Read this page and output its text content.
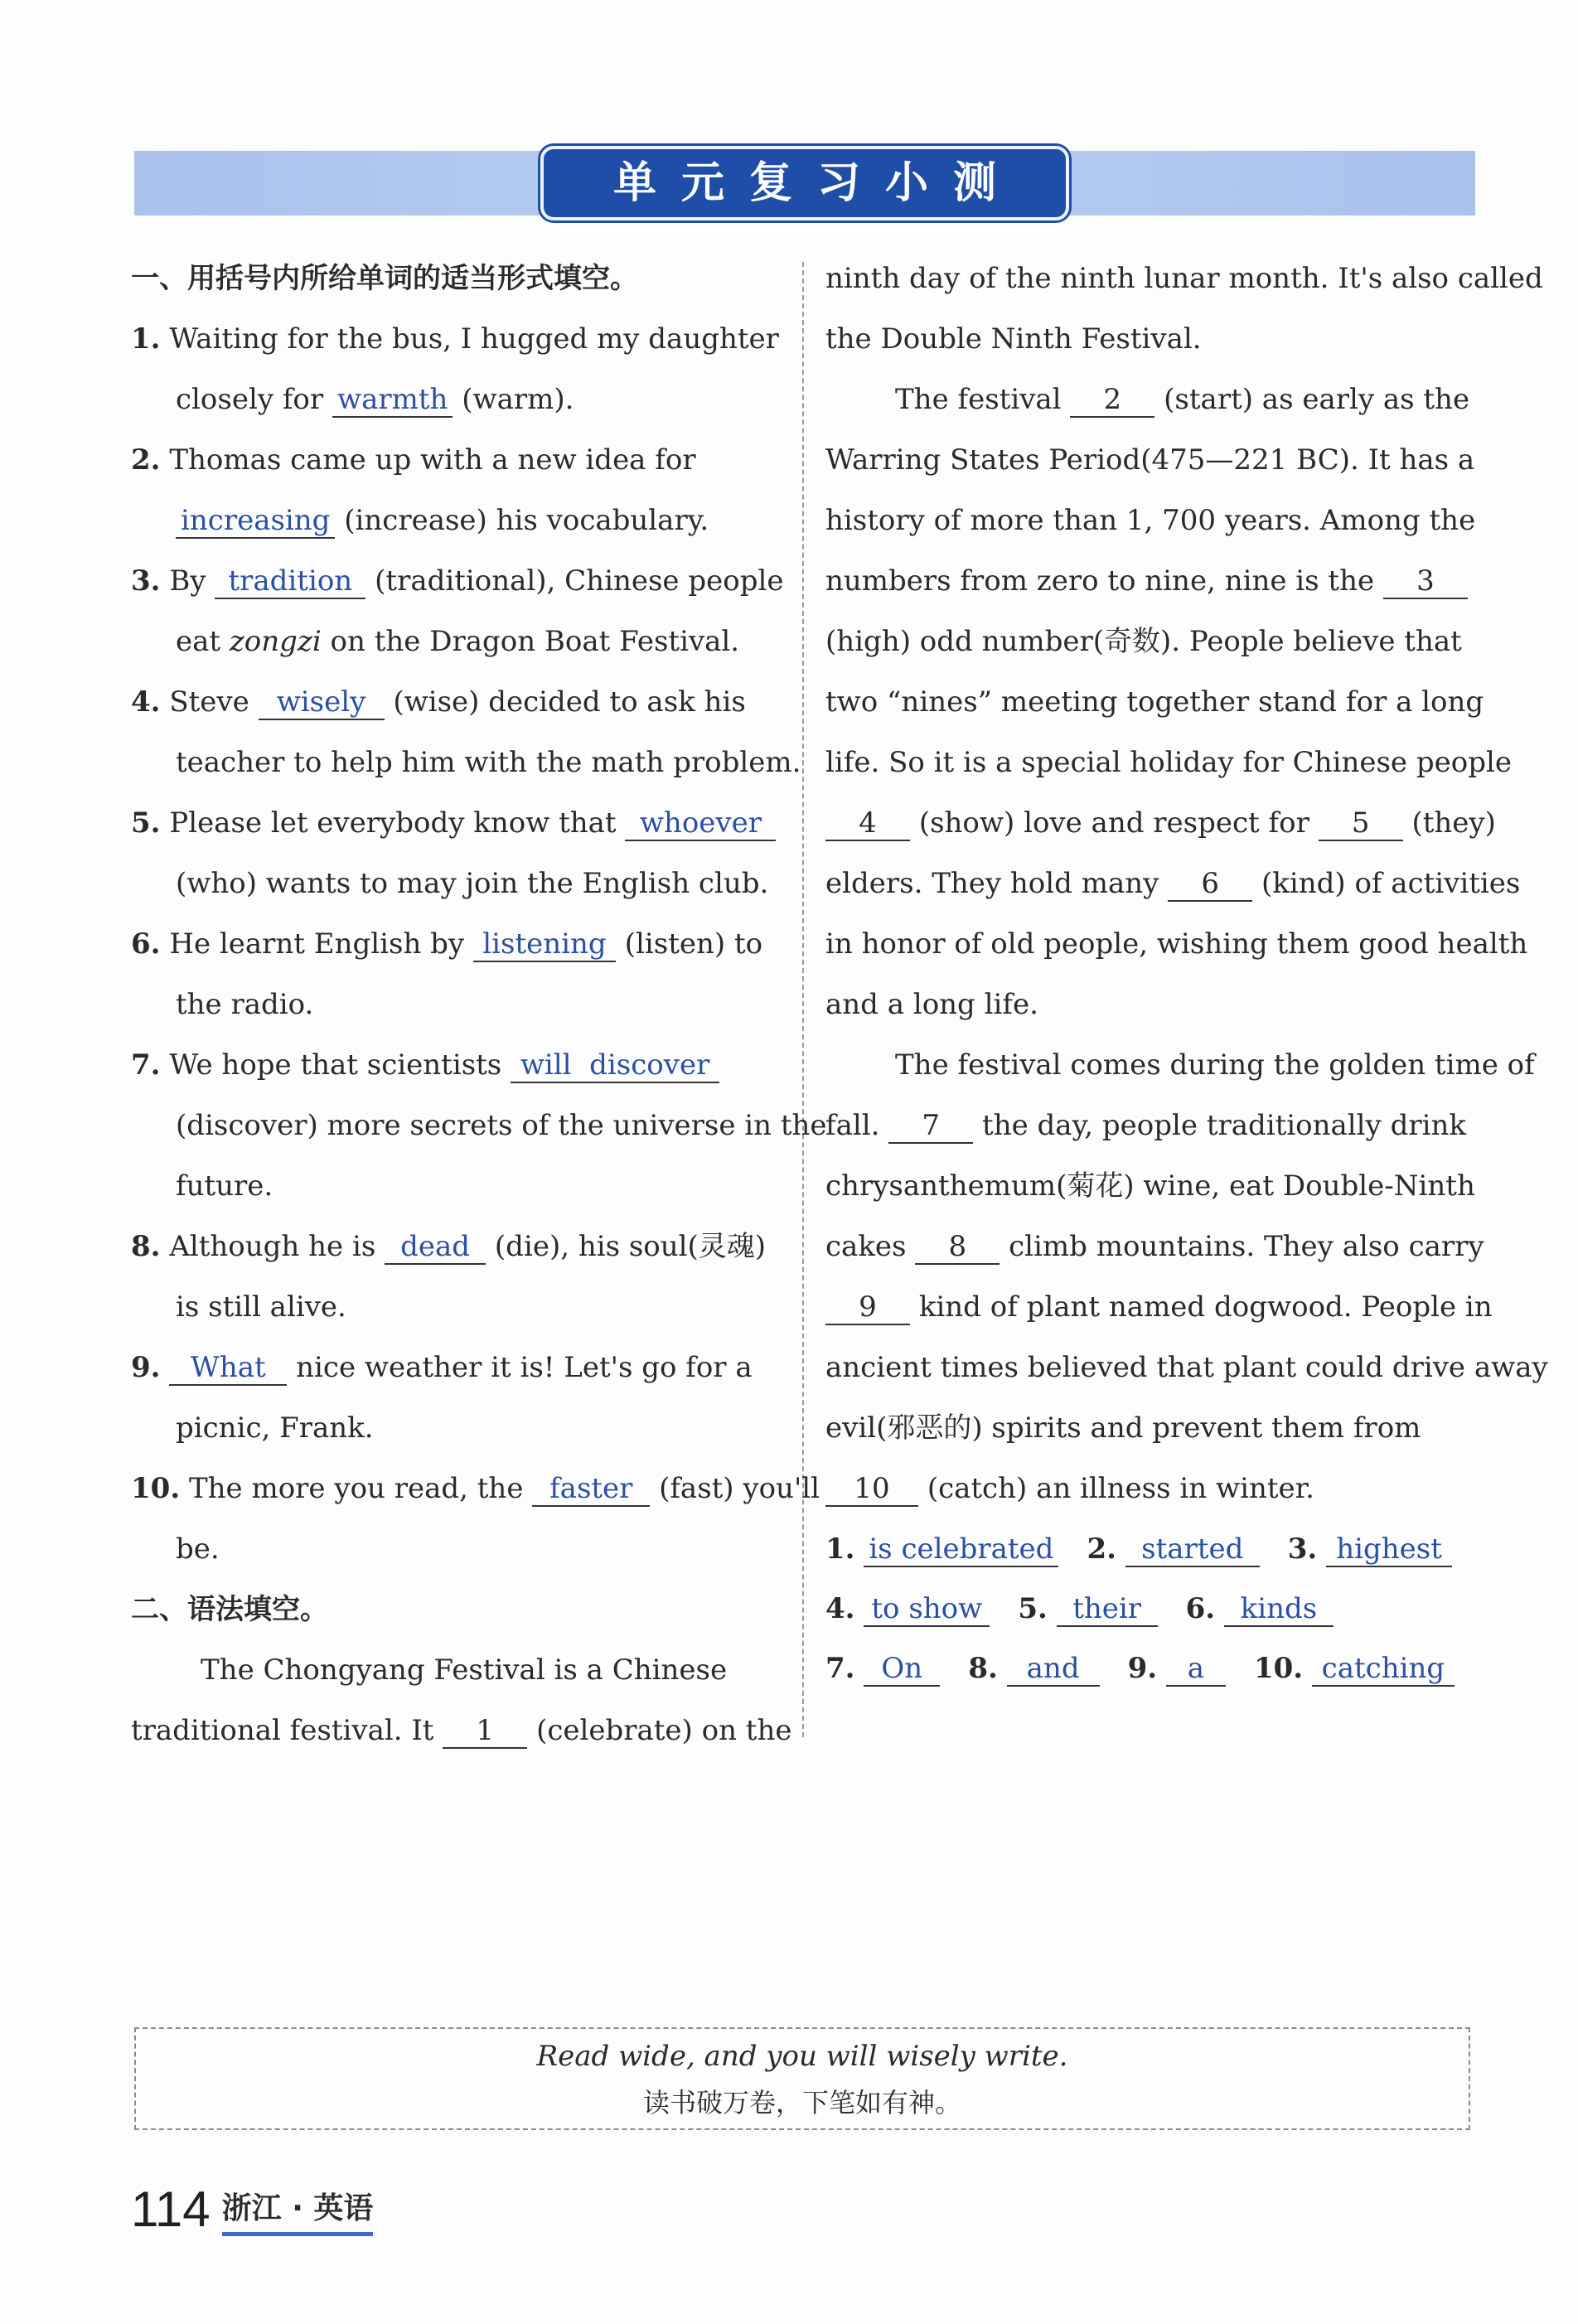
单元复习小测
一、用括号内所给单词的适当形式填空。
1. Waiting for the bus, I hugged my daughter
closely for warmth (warm).
2. Thomas came up with a new idea for
increasing (increase) his vocabulary.
3. By tradition (traditional), Chinese people
eat zongzi on the Dragon Boat Festival.
4. Steve wisely (wise) decided to ask his
teacher to help him with the math problem.
5. Please let everybody know that whoever
(who) wants to may join the English club.
6. He learnt English by listening (listen) to
the radio.
7. We hope that scientists will  discover
(discover) more secrets of the universe in the
future.
8. Although he is dead (die), his soul(灵魂)
is still alive.
9. What nice weather it is! Let's go for a
picnic, Frank.
10. The more you read, the faster (fast) you'll
be.
二、语法填空。
The Chongyang Festival is a Chinese
traditional festival. It 1 (celebrate) on the
ninth day of the ninth lunar month. It's also called
the Double Ninth Festival.
The festival 2 (start) as early as the
Warring States Period(475—221 BC). It has a
history of more than 1, 700 years. Among the
numbers from zero to nine, nine is the 3
(high) odd number(奇数). People believe that
two “nines” meeting together stand for a long
life. So it is a special holiday for Chinese people
4 (show) love and respect for 5 (they)
elders. They hold many 6 (kind) of activities
in honor of old people, wishing them good health
and a long life.
The festival comes during the golden time of
fall. 7 the day, people traditionally drink
chrysanthemum(菊花) wine, eat Double-Ninth
cakes 8 climb mountains. They also carry
9 kind of plant named dogwood. People in
ancient times believed that plant could drive away
evil(邪恶的) spirits and prevent them from
10 (catch) an illness in winter.
1. is celebrated 2. started	3. highest
4. to show 5. their	6. kinds
7. On	8. and	9. a	10. catching
Read wide, and you will wisely write.
读书破万卷，下笔如有神。
114 浙江 · 英语
